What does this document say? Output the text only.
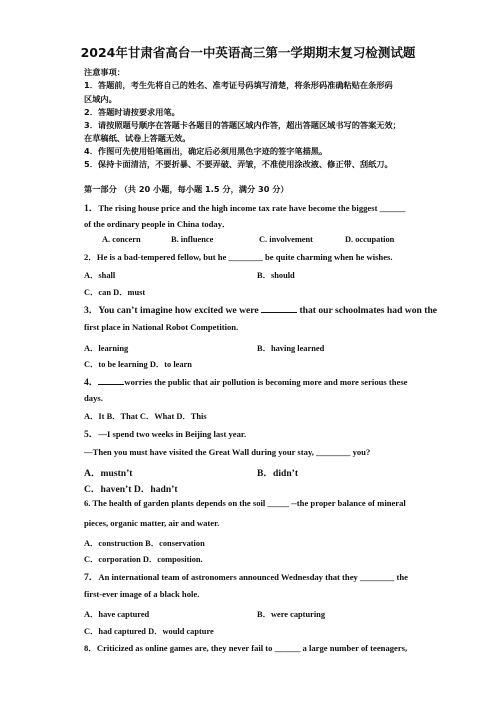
2024年甘肃省高台一中英语高三第一学期期末复习检测试题
注意事项：
1．答题前，考生先将自己的姓名、准考证号码填写清楚，将条形码准确粘贴在条形码
区域内。
2．答题时请按要求用笔。
3．请按照题号顺序在答题卡各题目的答题区域内作答，超出答题区域书写的答案无效；
在草稿纸、试卷上答题无效。
4．作图可先使用铅笔画出，确定后必须用黑色字迹的签字笔描黑。
5．保持卡面清洁，不要折暴、不要弄破、弄皱，不准使用涂改液、修正带、刮纸刀。
第一部分 （共 20 小题，每小题 1.5 分，满分 30 分）
1．The rising house price and the high income tax rate have become the biggest ______
of the ordinary people in China today．
A. concern	B. influence	C. involvement	D. occupation
2．He is a bad-tempered fellow, but he ________ be quite charming when he wishes.
A．shall	B．should
C．can D．must
3．You can’t imagine how excited we were	that our schoolmates had won the
first place in National Robot Competition.
A．learning	B．having learned
C．to be learning D．to learn
4．	worries the public that air pollution is becoming more and more serious these
days.
A．It B．That C．What D．This
5．—I spend two weeks in Beijing last year.
—Then you must have visited the Great Wall during your stay, ________ you?
A．mustn’t	B．didn’t
C．haven’t D．hadn’t
6. The health of garden plants depends on the soil _____ --the proper balance of mineral
pieces, organic matter, air and water.
A．construction B．conservation
C．corporation D．composition.
7．An international team of astronomers announced Wednesday that they ________ the
first-ever image of a black hole.
A．have captured	B．were capturing
C．had captured D．would capture
8．Criticized as online games are, they never fail to ______ a large number of teenagers,
